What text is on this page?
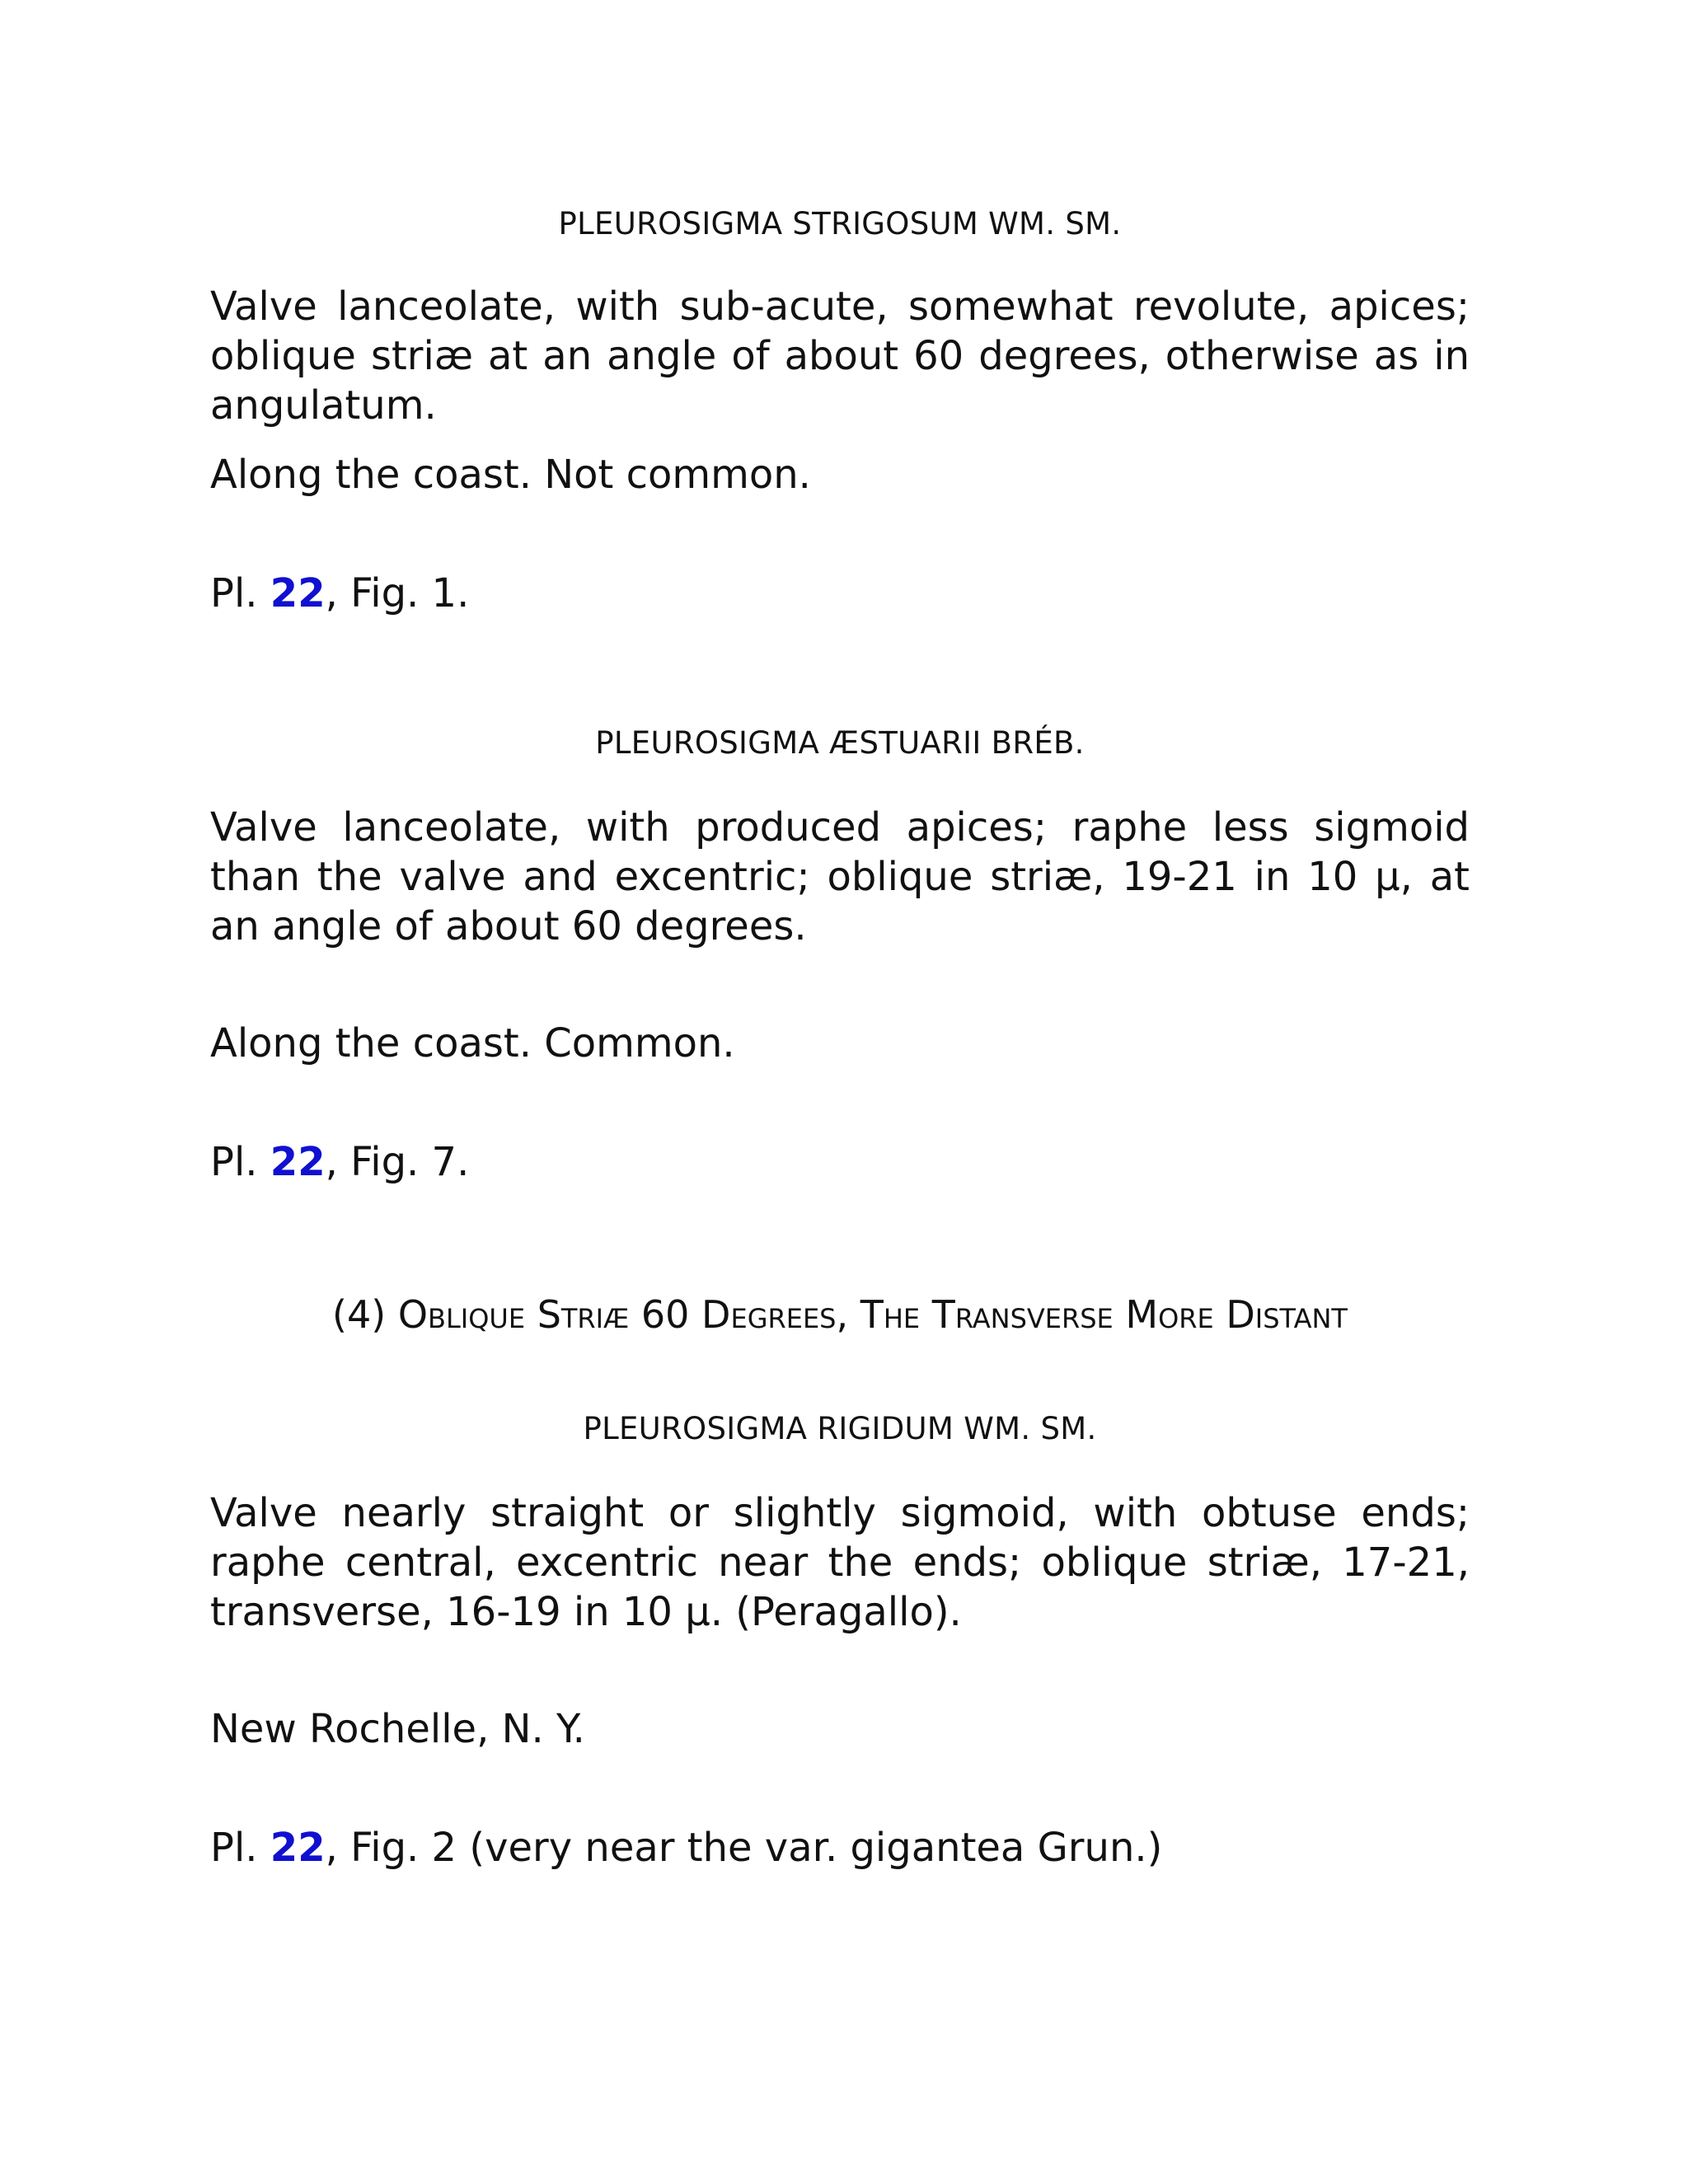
PLEUROSIGMA STRIGOSUM WM. SM.

Valve lanceolate, with sub-acute, somewhat revolute, apices; oblique striæ at an angle of about 60 degrees, otherwise as in angulatum.

Along the coast. Not common.

Pl. 22, Fig. 1.

PLEUROSIGMA ÆSTUARII BRÉB.

Valve lanceolate, with produced apices; raphe less sigmoid than the valve and excentric; oblique striæ, 19-21 in 10 μ, at an angle of about 60 degrees.

Along the coast. Common.

Pl. 22, Fig. 7.

(4) Oblique Striæ 60 Degrees, The Transverse More Distant
PLEUROSIGMA RIGIDUM WM. SM.

Valve nearly straight or slightly sigmoid, with obtuse ends; raphe central, excentric near the ends; oblique striæ, 17-21, transverse, 16-19 in 10 μ. (Peragallo).

New Rochelle, N. Y.

Pl. 22, Fig. 2 (very near the var. gigantea Grun.)
